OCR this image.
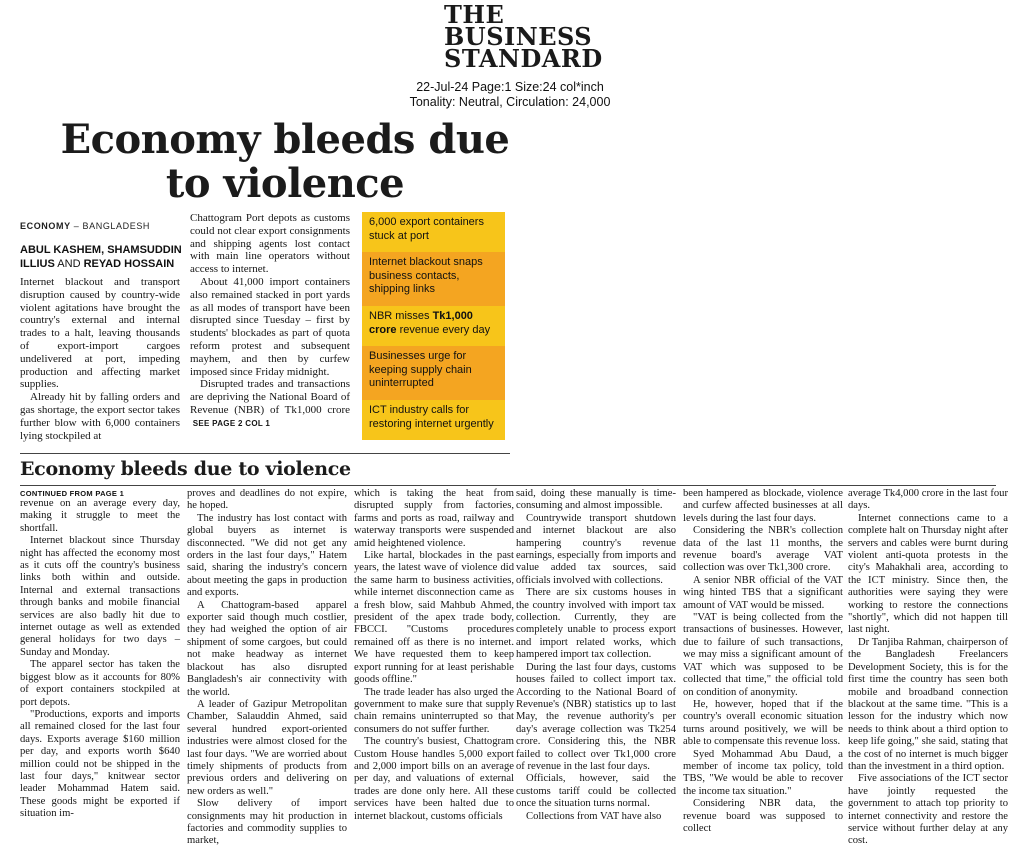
THE
BUSINESS
STANDARD
22-Jul-24 Page:1 Size:24 col*inch
Tonality: Neutral, Circulation: 24,000
Economy bleeds due
to violence
ECONOMY – BANGLADESH
ABUL KASHEM, SHAMSUDDIN
ILLIUS AND REYAD HOSSAIN

Internet blackout and transport disruption caused by country-wide violent agitations have brought the country's external and internal trades to a halt, leaving thousands of export-import cargoes undelivered at port, impeding production and affecting market supplies.

Already hit by falling orders and gas shortage, the export sector takes further blow with 6,000 containers lying stockpiled at

Chattogram Port depots as customs could not clear export consignments and shipping agents lost contact with main line operators without access to internet.

About 41,000 import containers also remained stacked in port yards as all modes of transport have been disrupted since Tuesday – first by students' blockades as part of quota reform protest and subsequent mayhem, and then by curfew imposed since Friday midnight.

Disrupted trades and transactions are depriving the National Board of Revenue (NBR) of Tk1,000 crore  SEE PAGE 2 COL 1

6,000 export containers stuck at port
Internet blackout snaps business contacts, shipping links
NBR misses Tk1,000 crore revenue every day
Businesses urge for keeping supply chain uninterrupted
ICT industry calls for restoring internet urgently
Economy bleeds due to violence
CONTINUED FROM PAGE 1

revenue on an average every day, making it struggle to meet the shortfall.

Internet blackout since Thursday night has affected the economy most as it cuts off the country's business links both within and outside. Internal and external transactions through banks and mobile financial services are also badly hit due to internet outage as well as extended general holidays for two days – Sunday and Monday.

The apparel sector has taken the biggest blow as it accounts for 80% of export containers stockpiled at port depots.

"Productions, exports and imports all remained closed for the last four days. Exports average $160 million per day, and exports worth $640 million could not be shipped in the last four days," knitwear sector leader Mohammad Hatem said. These goods might be exported if situation im-

proves and deadlines do not expire, he hoped.

The industry has lost contact with global buyers as internet is disconnected. "We did not get any orders in the last four days," Hatem said, sharing the industry's concern about meeting the gaps in production and exports.

A Chattogram-based apparel exporter said though much costlier, they had weighed the option of air shipment of some cargoes, but could not make headway as internet blackout has also disrupted Bangladesh's air connectivity with the world.

A leader of Gazipur Metropolitan Chamber, Salauddin Ahmed, said several hundred export-oriented industries were almost closed for the last four days. "We are worried about timely shipments of products from previous orders and delivering on new orders as well."

Slow delivery of import consignments may hit production in factories and commodity supplies to market,

which is taking the heat from disrupted supply from factories, farms and ports as road, railway and waterway transports were suspended amid heightened violence.

Like hartal, blockades in the past years, the latest wave of violence did the same harm to business activities, while internet disconnection came as a fresh blow, said Mahbub Ahmed, president of the apex trade body, FBCCI. "Customs procedures remained off as there is no internet. We have requested them to keep export running for at least perishable goods offline."

The trade leader has also urged the government to make sure that supply chain remains uninterrupted so that consumers do not suffer further.

The country's busiest, Chattogram Custom House handles 5,000 export and 2,000 import bills on an average per day, and valuations of external trades are done only here. All these services have been halted due to internet blackout, customs officials

said, doing these manually is time-consuming and almost impossible.

Countrywide transport shutdown and internet blackout are also hampering country's revenue earnings, especially from imports and value added tax sources, said officials involved with collections.

There are six customs houses in the country involved with import tax collection. Currently, they are completely unable to process export and import related works, which hampered import tax collection.

During the last four days, customs houses failed to collect import tax. According to the National Board of Revenue's (NBR) statistics up to last May, the revenue authority's per day's average collection was Tk254 crore. Considering this, the NBR failed to collect over Tk1,000 crore of revenue in the last four days.

Officials, however, said the customs tariff could be collected once the situation turns normal.

Collections from VAT have also

been hampered as blockade, violence and curfew affected businesses at all levels during the last four days.

Considering the NBR's collection data of the last 11 months, the revenue board's average VAT collection was over Tk1,300 crore.

A senior NBR official of the VAT wing hinted TBS that a significant amount of VAT would be missed.

"VAT is being collected from the transactions of businesses. However, due to failure of such transactions, we may miss a significant amount of VAT which was supposed to be collected that time," the official told on condition of anonymity.

He, however, hoped that if the country's overall economic situation turns around positively, we will be able to compensate this revenue loss.

Syed Mohammad Abu Daud, a member of income tax policy, told TBS, "We would be able to recover the income tax situation."

Considering NBR data, the revenue board was supposed to collect

average Tk4,000 crore in the last four days.

Internet connections came to a complete halt on Thursday night after servers and cables were burnt during violent anti-quota protests in the city's Mahakhali area, according to the ICT ministry. Since then, the authorities were saying they were working to restore the connections "shortly", which did not happen till last night.

Dr Tanjiba Rahman, chairperson of the Bangladesh Freelancers Development Society, this is for the first time the country has seen both mobile and broadband connection blackout at the same time. "This is a lesson for the industry which now needs to think about a third option to keep life going," she said, stating that the cost of no internet is much bigger than the investment in a third option.

Five associations of the ICT sector have jointly requested the government to attach top priority to internet connectivity and restore the service without further delay at any cost.
